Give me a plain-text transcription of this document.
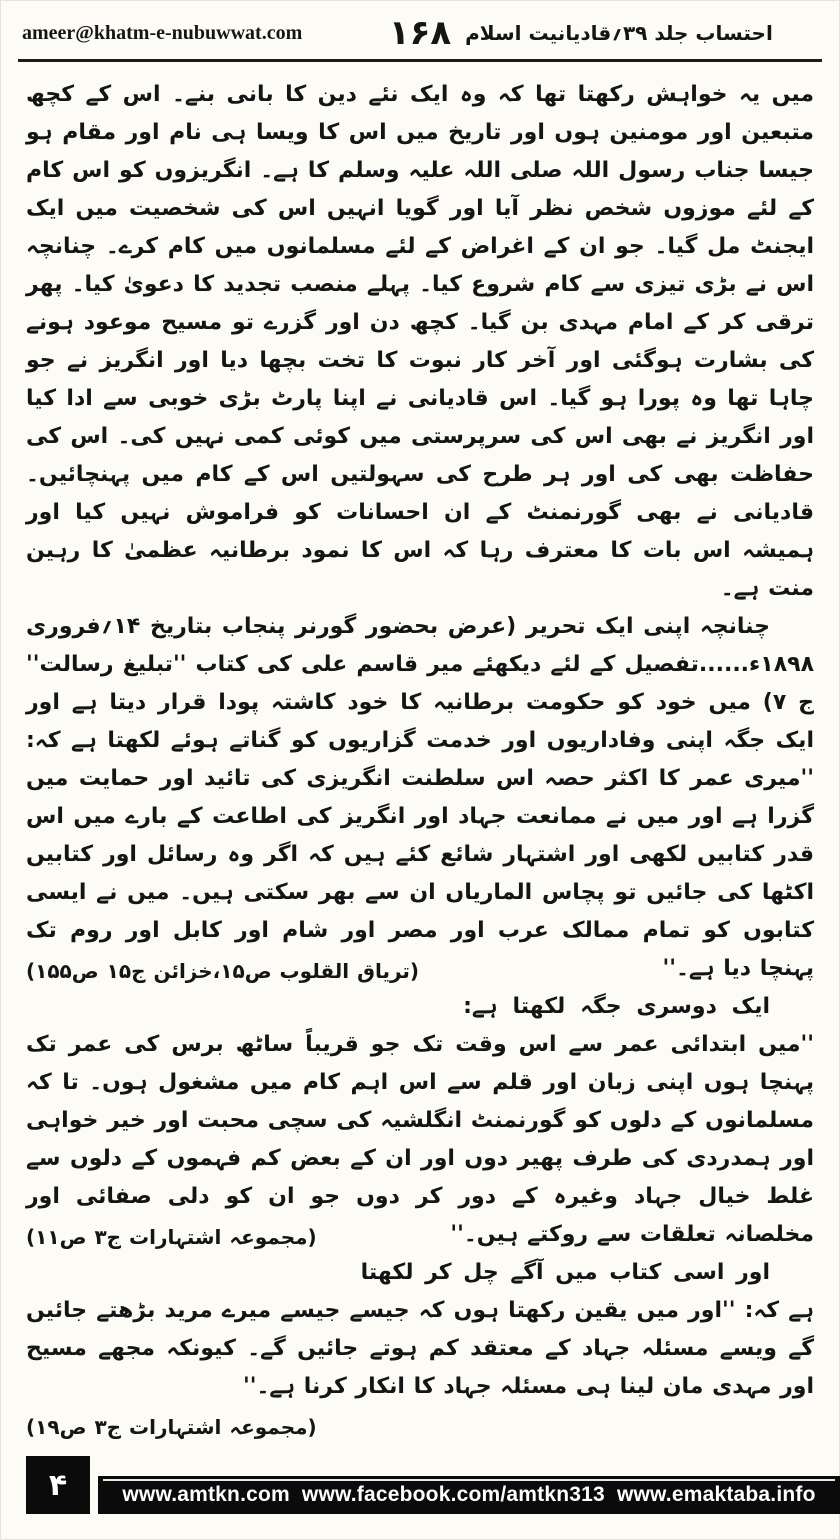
ameer@khatm-e-nubuwwat.com	۱۶۸ احتساب جلد ۳۹؍قادیانیت اسلام

میں یہ خواہش رکھتا تھا کہ وہ ایک نئے دین کا بانی بنے۔ اس کے کچھ متبعین اور مومنین ہوں اور تاریخ میں اس کا ویسا ہی نام اور مقام ہو جیسا جناب رسول اللہ صلی اللہ علیہ وسلم کا ہے۔ انگریزوں کو اس کام کے لئے موزوں شخص نظر آیا اور گویا انہیں اس کی شخصیت میں ایک ایجنٹ مل گیا۔ جو ان کے اغراض کے لئے مسلمانوں میں کام کرے۔ چنانچہ اس نے بڑی تیزی سے کام شروع کیا۔ پہلے منصب تجدید کا دعویٰ کیا۔ پھر ترقی کر کے امام مہدی بن گیا۔ کچھ دن اور گزرے تو مسیح موعود ہونے کی بشارت ہوگئی اور آخر کار نبوت کا تخت بچھا دیا اور انگریز نے جو چاہا تھا وہ پورا ہو گیا۔ اس قادیانی نے اپنا پارٹ بڑی خوبی سے ادا کیا اور انگریز نے بھی اس کی سرپرستی میں کوئی کمی نہیں کی۔ اس کی حفاظت بھی کی اور ہر طرح کی سہولتیں اس کے کام میں پہنچائیں۔ قادیانی نے بھی گورنمنٹ کے ان احسانات کو فراموش نہیں کیا اور ہمیشہ اس بات کا معترف رہا کہ اس کا نمود برطانیہ عظمیٰ کا رہین منت ہے۔

چنانچہ اپنی ایک تحریر (عرض بحضور گورنر پنجاب بتاریخ ۱۴؍فروری ۱۸۹۸ء......تفصیل کے لئے دیکھئے میر قاسم علی کی کتاب ''تبلیغ رسالت'' ج ۷) میں خود کو حکومت برطانیہ کا خود کاشتہ پودا قرار دیتا ہے اور ایک جگہ اپنی وفاداریوں اور خدمت گزاریوں کو گناتے ہوئے لکھتا ہے کہ: ''میری عمر کا اکثر حصہ اس سلطنت انگریزی کی تائید اور حمایت میں گزرا ہے اور میں نے ممانعت جہاد اور انگریز کی اطاعت کے بارے میں اس قدر کتابیں لکھی اور اشتہار شائع کئے ہیں کہ اگر وہ رسائل اور کتابیں اکٹھا کی جائیں تو پچاس الماریاں ان سے بھر سکتی ہیں۔ میں نے ایسی کتابوں کو تمام ممالک عرب اور مصر اور شام اور کابل اور روم تک پہنچا دیا ہے۔''
(تریاق القلوب ص۱۵،خزائن ج۱۵ ص۱۵۵)

ایک دوسری جگہ لکھتا ہے: ''میں ابتدائی عمر سے اس وقت تک جو قریباً ساٹھ برس کی عمر تک پہنچا ہوں اپنی زبان اور قلم سے اس اہم کام میں مشغول ہوں۔ تا کہ مسلمانوں کے دلوں کو گورنمنٹ انگلشیہ کی سچی محبت اور خیر خواہی اور ہمدردی کی طرف پھیر دوں اور ان کے بعض کم فہموں کے دلوں سے غلط خیال جہاد وغیرہ کے دور کر دوں جو ان کو دلی صفائی اور مخلصانہ تعلقات سے روکتے ہیں۔''
(مجموعہ اشتہارات ج۳ ص۱۱)

اور اسی کتاب میں آگے چل کر لکھتا ہے کہ: ''اور میں یقین رکھتا ہوں کہ جیسے جیسے میرے مرید بڑھتے جائیں گے ویسے مسئلہ جہاد کے معتقد کم ہوتے جائیں گے۔ کیونکہ مجھے مسیح اور مہدی مان لینا ہی مسئلہ جہاد کا انکار کرنا ہے۔''
(مجموعہ اشتہارات ج۳ ص۱۹)

۴	www.amtkn.com www.facebook.com/amtkn313 www.emaktaba.info
